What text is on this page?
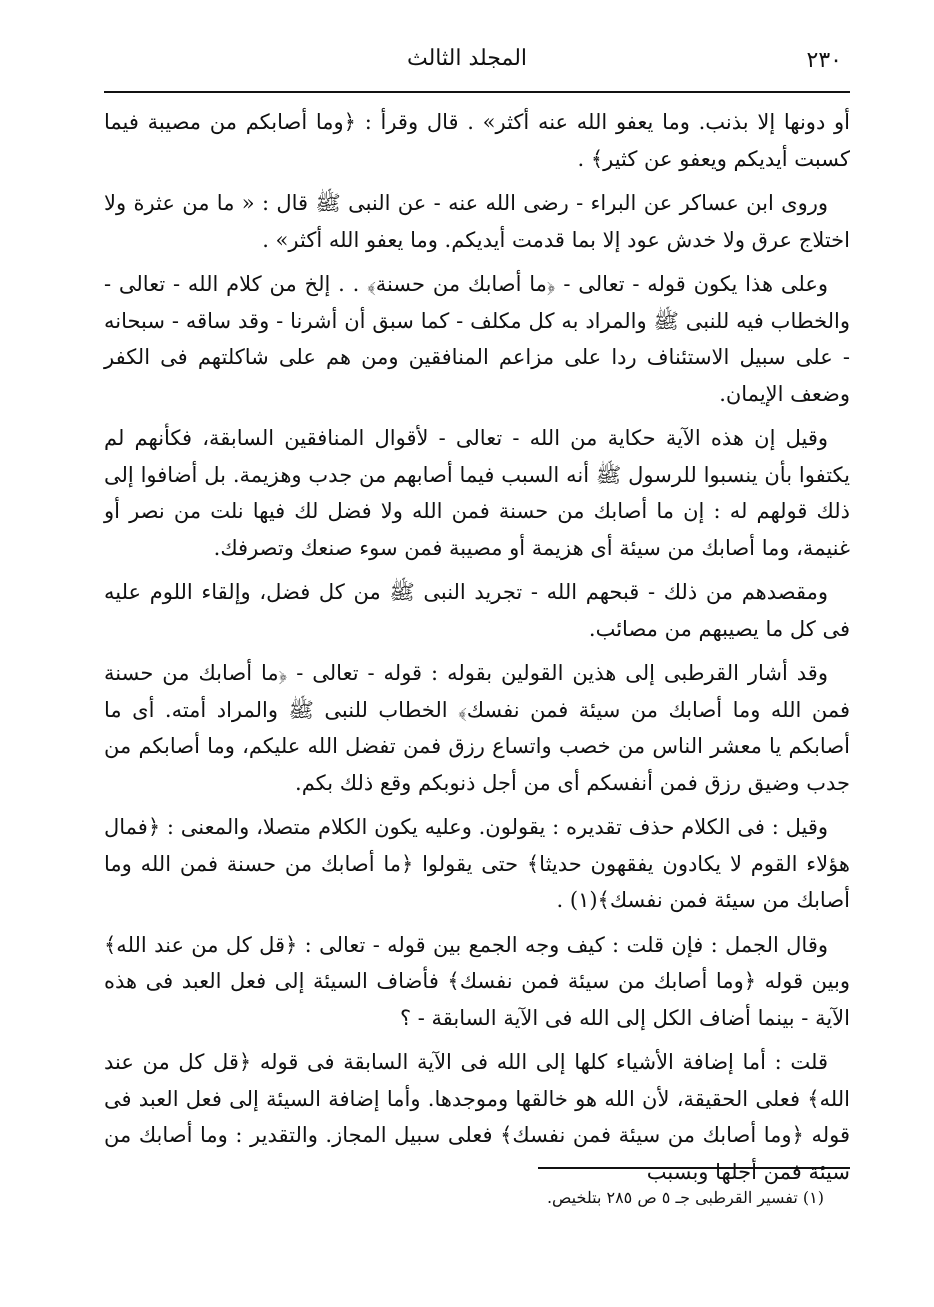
٢٣٠
المجلد الثالث

أو دونها إلا بذنب. وما يعفو الله عنه أكثر» . قال وقرأ : ﴿وما أصابكم من مصيبة فيما كسبت أيديكم ويعفو عن كثير﴾ .

وروى ابن عساكر عن البراء - رضى الله عنه - عن النبى ﷺ قال : « ما من عثرة ولا اختلاج عرق ولا خدش عود إلا بما قدمت أيديكم. وما يعفو الله أكثر» .

وعلى هذا يكون قوله - تعالى - ﴿ما أصابك من حسنة﴾ . . إلخ من كلام الله - تعالى - والخطاب فيه للنبى ﷺ والمراد به كل مكلف - كما سبق أن أشرنا - وقد ساقه - سبحانه - على سبيل الاستئناف ردا على مزاعم المنافقين ومن هم على شاكلتهم فى الكفر وضعف الإيمان.

وقيل إن هذه الآية حكاية من الله - تعالى - لأقوال المنافقين السابقة، فكأنهم لم يكتفوا بأن ينسبوا للرسول ﷺ أنه السبب فيما أصابهم من جدب وهزيمة. بل أضافوا إلى ذلك قولهم له : إن ما أصابك من حسنة فمن الله ولا فضل لك فيها نلت من نصر أو غنيمة، وما أصابك من سيئة أى هزيمة أو مصيبة فمن سوء صنعك وتصرفك.

ومقصدهم من ذلك - قبحهم الله - تجريد النبى ﷺ من كل فضل، وإلقاء اللوم عليه فى كل ما يصيبهم من مصائب.

وقد أشار القرطبى إلى هذين القولين بقوله : قوله - تعالى - ﴿ما أصابك من حسنة فمن الله وما أصابك من سيئة فمن نفسك﴾ الخطاب للنبى ﷺ والمراد أمته. أى ما أصابكم يا معشر الناس من خصب واتساع رزق فمن تفضل الله عليكم، وما أصابكم من جدب وضيق رزق فمن أنفسكم أى من أجل ذنوبكم وقع ذلك بكم.

وقيل : فى الكلام حذف تقديره : يقولون. وعليه يكون الكلام متصلا، والمعنى : ﴿فمال هؤلاء القوم لا يكادون يفقهون حديثا﴾ حتى يقولوا ﴿ما أصابك من حسنة فمن الله وما أصابك من سيئة فمن نفسك﴾(١) .

وقال الجمل : فإن قلت : كيف وجه الجمع بين قوله - تعالى : ﴿قل كل من عند الله﴾ وبين قوله ﴿وما أصابك من سيئة فمن نفسك﴾ فأضاف السيئة إلى فعل العبد فى هذه الآية - بينما أضاف الكل إلى الله فى الآية السابقة - ؟

قلت : أما إضافة الأشياء كلها إلى الله فى الآية السابقة فى قوله ﴿قل كل من عند الله﴾ فعلى الحقيقة، لأن الله هو خالقها وموجدها. وأما إضافة السيئة إلى فعل العبد فى قوله ﴿وما أصابك من سيئة فمن نفسك﴾ فعلى سبيل المجاز. والتقدير : وما أصابك من سيئة فمن أجلها وبسبب

(١) تفسير القرطبى جـ ٥ ص ٢٨٥ بتلخيص.
